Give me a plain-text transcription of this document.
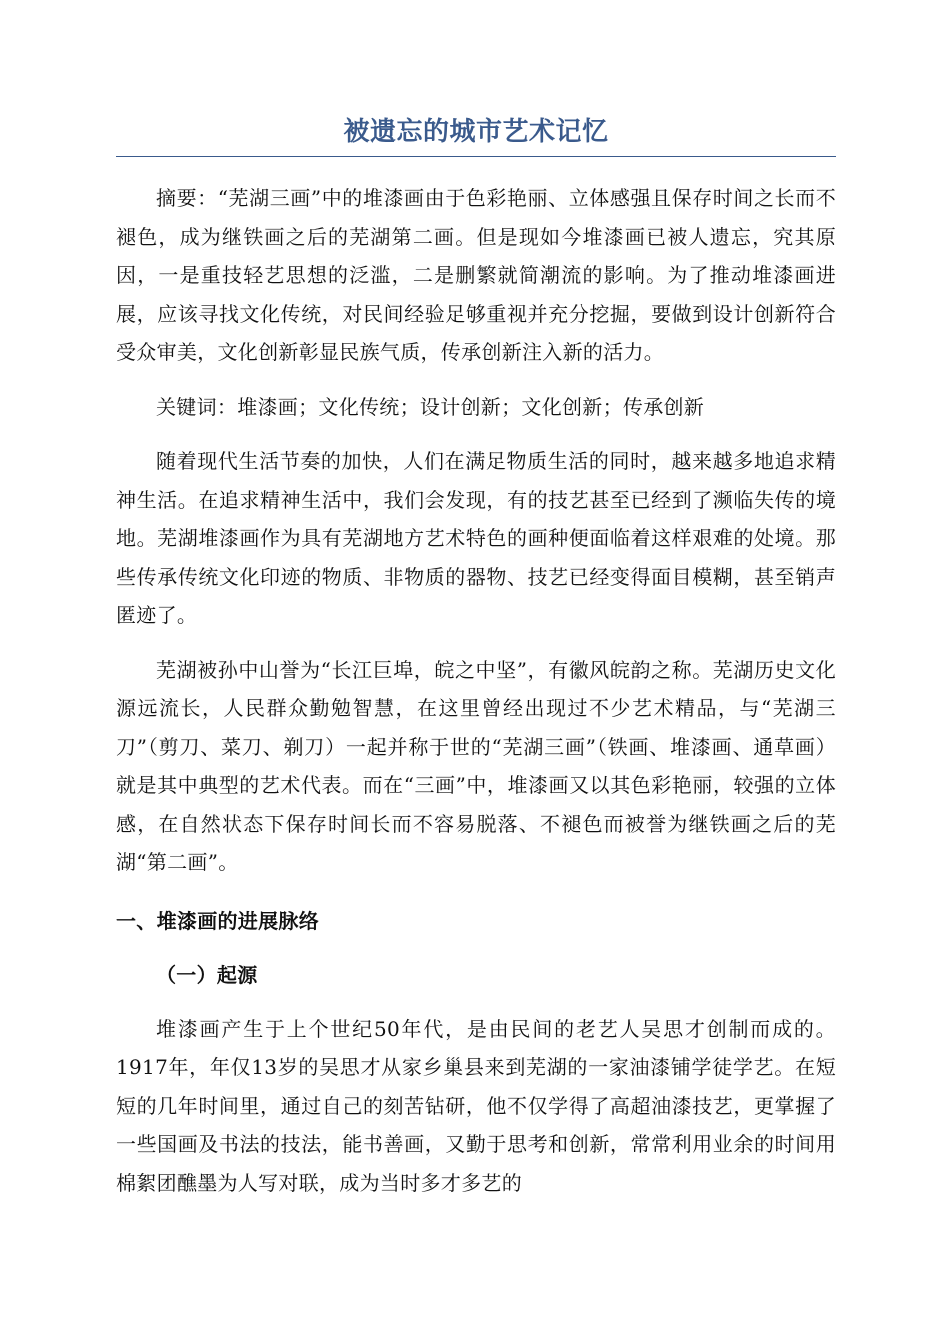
被遗忘的城市艺术记忆

摘要：“芜湖三画”中的堆漆画由于色彩艳丽、立体感强且保存时间之长而不褪色，成为继铁画之后的芜湖第二画。但是现如今堆漆画已被人遗忘，究其原因，一是重技轻艺思想的泛滥，二是删繁就简潮流的影响。为了推动堆漆画进展，应该寻找文化传统，对民间经验足够重视并充分挖掘，要做到设计创新符合受众审美，文化创新彰显民族气质，传承创新注入新的活力。

关键词：堆漆画；文化传统；设计创新；文化创新；传承创新

随着现代生活节奏的加快，人们在满足物质生活的同时，越来越多地追求精神生活。在追求精神生活中，我们会发现，有的技艺甚至已经到了濒临失传的境地。芜湖堆漆画作为具有芜湖地方艺术特色的画种便面临着这样艰难的处境。那些传承传统文化印迹的物质、非物质的器物、技艺已经变得面目模糊，甚至销声匿迹了。

芜湖被孙中山誉为“长江巨埠，皖之中坚”，有徽风皖韵之称。芜湖历史文化源远流长，人民群众勤勉智慧，在这里曾经出现过不少艺术精品，与“芜湖三刀”（剪刀、菜刀、剃刀）一起并称于世的“芜湖三画”（铁画、堆漆画、通草画）就是其中典型的艺术代表。而在“三画”中，堆漆画又以其色彩艳丽，较强的立体感，在自然状态下保存时间长而不容易脱落、不褪色而被誉为继铁画之后的芜湖“第二画”。

一、堆漆画的进展脉络
（一）起源

堆漆画产生于上个世纪50年代，是由民间的老艺人吴思才创制而成的。1917年，年仅13岁的吴思才从家乡巢县来到芜湖的一家油漆铺学徒学艺。在短短的几年时间里，通过自己的刻苦钻研，他不仅学得了高超油漆技艺，更掌握了一些国画及书法的技法，能书善画，又勤于思考和创新，常常利用业余的时间用棉絮团醮墨为人写对联，成为当时多才多艺的
